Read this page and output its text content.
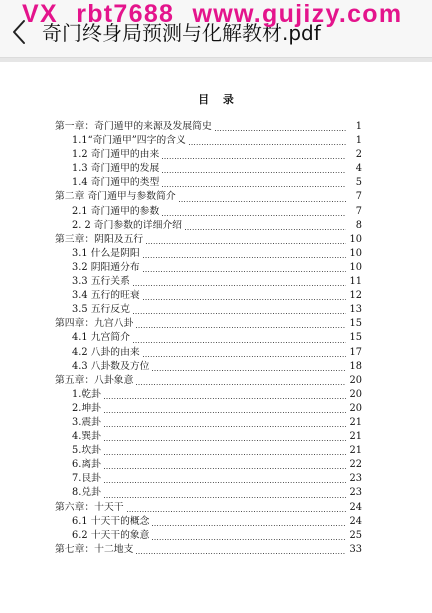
奇门终身局预测与化解教材.pdf
VX rbt7688 www.gujizy.com
目 录
第一章：奇门遁甲的来源及发展简史	1
1.1“奇门遁甲”四字的含义	1
1.2 奇门遁甲的由来	2
1.3 奇门遁甲的发展	4
1.4 奇门遁甲的类型	5
第二章 奇门遁甲与参数简介	7
2.1 奇门遁甲的参数	7
2. 2 奇门参数的详细介绍	8
第三章：阴阳及五行	10
3.1 什么是阴阳	10
3.2 阴阳遁分布	10
3.3 五行关系	11
3.4 五行的旺衰	12
3.5 五行反克	13
第四章：九宫八卦	15
4.1 九宫简介	15
4.2 八卦的由来	17
4.3 八卦数及方位	18
第五章：八卦象意	20
1.乾卦	20
2.坤卦	20
3.震卦	21
4.巽卦	21
5.坎卦	21
6.离卦	22
7.艮卦	23
8.兑卦	23
第六章：十天干	24
6.1 十天干的概念	24
6.2 十天干的象意	25
第七章：十二地支	33
